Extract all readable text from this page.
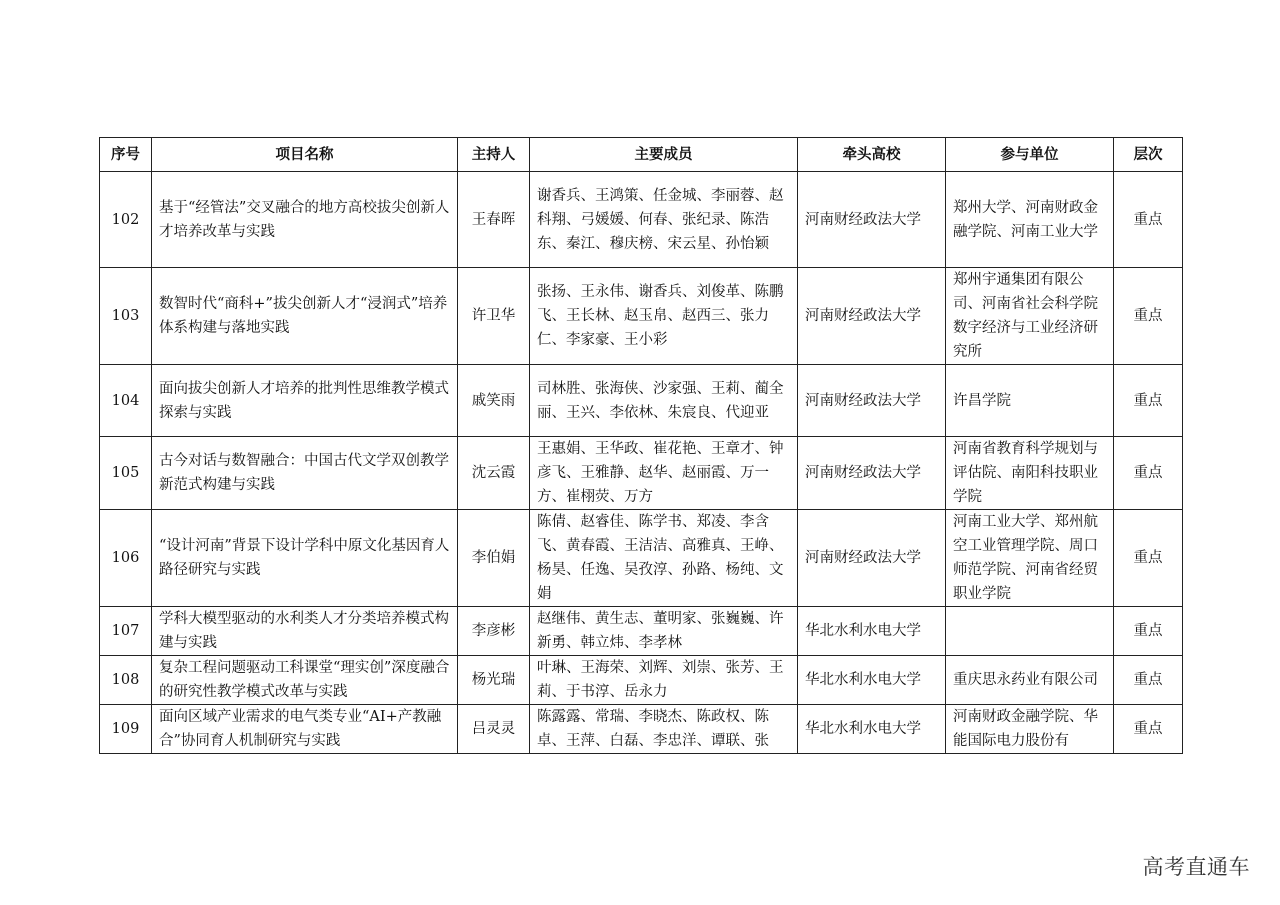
序号	项目名称	主持人	主要成员	牵头高校	参与单位	层次
102	基于“经管法”交叉融合的地方高校拔尖创新人才培养改革与实践	王春晖	谢香兵、王鸿策、任金城、李丽蓉、赵科翔、弓媛媛、何春、张纪录、陈浩东、秦江、穆庆榜、宋云星、孙怡颖	河南财经政法大学	郑州大学、河南财政金融学院、河南工业大学	重点
103	数智时代“商科+”拔尖创新人才“浸润式”培养体系构建与落地实践	许卫华	张扬、王永伟、谢香兵、刘俊革、陈鹏飞、王长林、赵玉帛、赵西三、张力仁、李家豪、王小彩	河南财经政法大学	郑州宇通集团有限公司、河南省社会科学院数字经济与工业经济研究所	重点
104	面向拔尖创新人才培养的批判性思维教学模式探索与实践	戚笑雨	司林胜、张海侠、沙家强、王莉、蔺全丽、王兴、李依林、朱宸良、代迎亚	河南财经政法大学	许昌学院	重点
105	古今对话与数智融合：中国古代文学双创教学新范式构建与实践	沈云霞	王惠娟、王华政、崔花艳、王章才、钟彦飞、王雅静、赵华、赵丽霞、万一方、崔栩荧、万方	河南财经政法大学	河南省教育科学规划与评估院、南阳科技职业学院	重点
106	“设计河南”背景下设计学科中原文化基因育人路径研究与实践	李伯娟	陈倩、赵睿佳、陈学书、郑凌、李含飞、黄春霞、王洁洁、高雅真、王峥、杨昊、任逸、吴孜淳、孙路、杨纯、文娟	河南财经政法大学	河南工业大学、郑州航空工业管理学院、周口师范学院、河南省经贸职业学院	重点
107	学科大模型驱动的水利类人才分类培养模式构建与实践	李彦彬	赵继伟、黄生志、董明家、张巍巍、许新勇、韩立炜、李孝林	华北水利水电大学		重点
108	复杂工程问题驱动工科课堂“理实创”深度融合的研究性教学模式改革与实践	杨光瑞	叶琳、王海荣、刘辉、刘崇、张芳、王莉、于书淳、岳永力	华北水利水电大学	重庆思永药业有限公司	重点
109	面向区域产业需求的电气类专业“AI+产教融合”协同育人机制研究与实践	吕灵灵	陈露露、常瑞、李晓杰、陈政权、陈卓、王萍、白磊、李忠洋、谭联、张	华北水利水电大学	河南财政金融学院、华能国际电力股份有	重点
高考直通车
